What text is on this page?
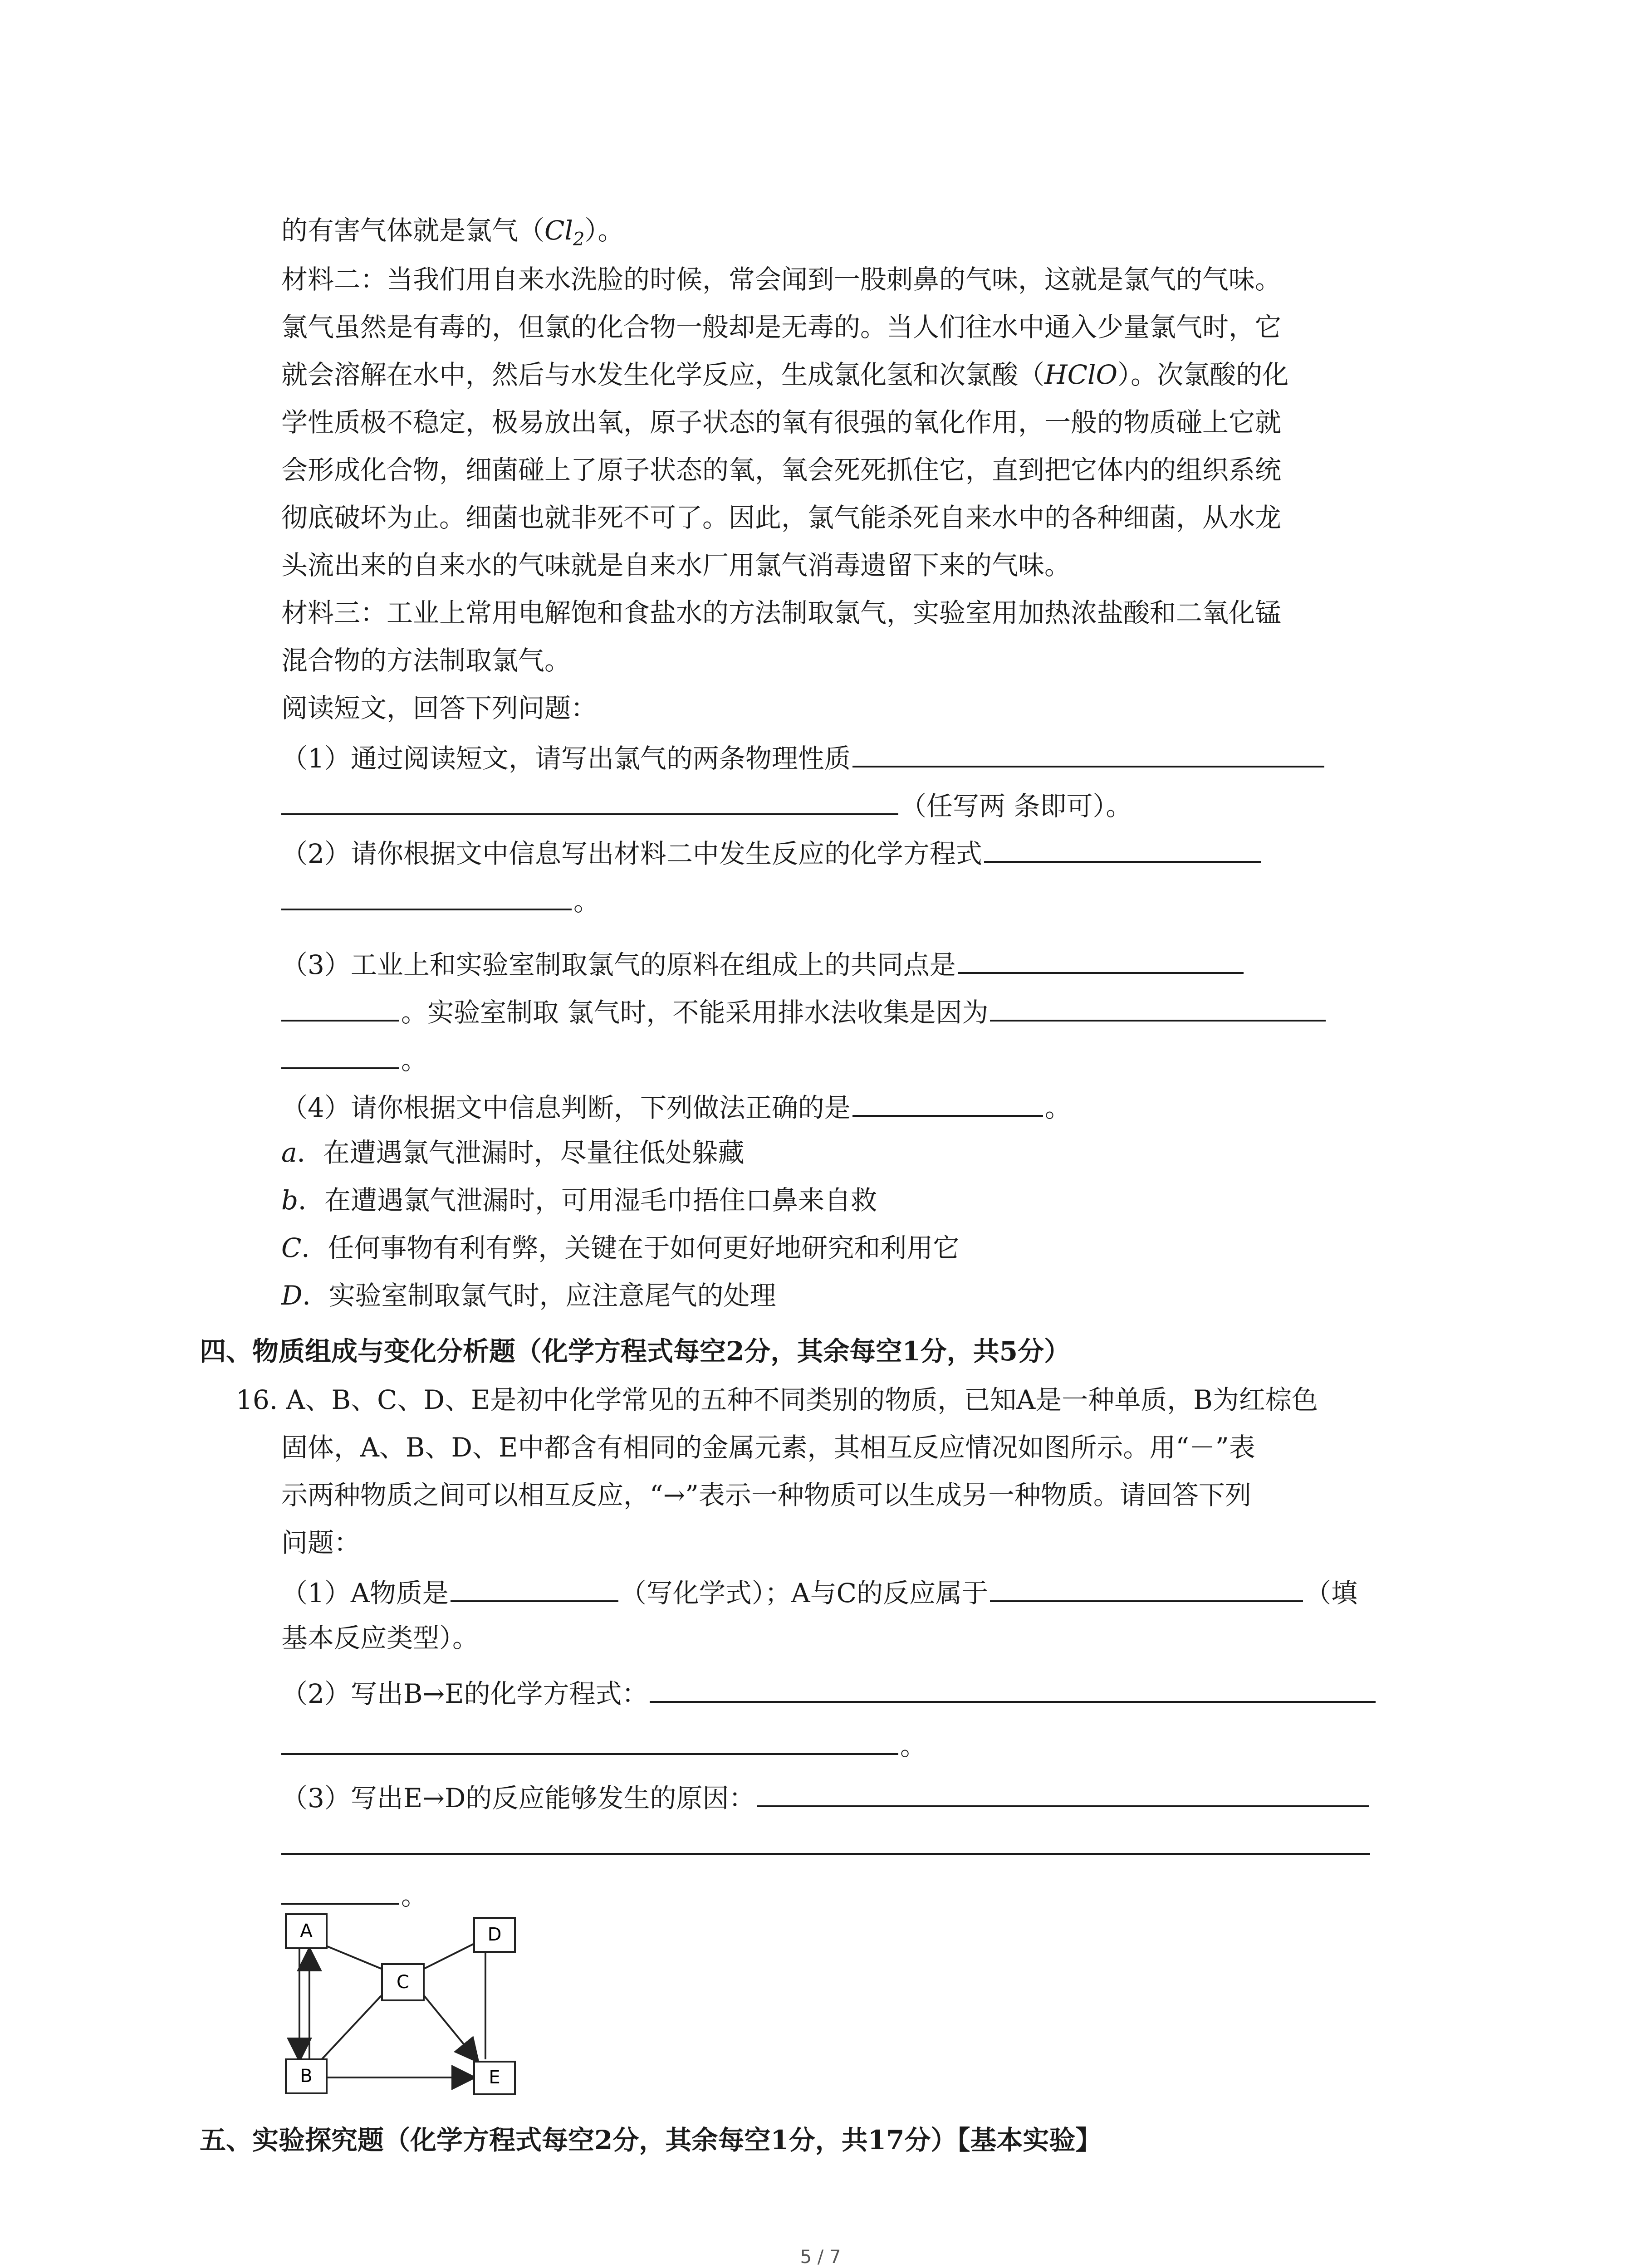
的有害气体就是氯气$(Cl_2)$。
材料二：当我们用自来水洗脸的时候，常会闻到一股刺鼻的气味，这就是氯气的气味。
氯气虽然是有毒的，但氯的化合物一般却是无毒的。当人们往水中通入少量氯气时，它
就会溶解在水中，然后与水发生化学反应，生成氯化氢和次氯酸（HClO）。次氯酸的化
学性质极不稳定，极易放出氧，原子状态的氧有很强的氧化作用，一般的物质碰上它就
会形成化合物，细菌碰上了原子状态的氧，氧会死死抓住它，直到把它体内的组织系统
彻底破坏为止。细菌也就非死不可了。因此，氯气能杀死自来水中的各种细菌，从水龙
头流出来的自来水的气味就是自来水厂用氯气消毒遗留下来的气味。
材料三：工业上常用电解饱和食盐水的方法制取氯气，实验室用加热浓盐酸和二氧化锰
混合物的方法制取氯气。
阅读短文，回答下列问题：
（1）通过阅读短文，请写出氯气的两条物理性质
（任写两 条即可）。
（2）请你根据文中信息写出材料二中发生反应的化学方程式
。
（3）工业上和实验室制取氯气的原料在组成上的共同点是
。实验室制取 氯气时，不能采用排水法收集是因为
。
（4）请你根据文中信息判断，下列做法正确的是	。
a．在遭遇氯气泄漏时，尽量往低处躲藏
b．在遭遇氯气泄漏时，可用湿毛巾捂住口鼻来自救
C．任何事物有利有弊，关键在于如何更好地研究和利用它
D．实验室制取氯气时，应注意尾气的处理
四、物质组成与变化分析题（化学方程式每空2分，其余每空1分，共5分）
16. A、B、C、D、E是初中化学常见的五种不同类别的物质，已知A是一种单质，B为红棕色
固体，A、B、D、E中都含有相同的金属元素，其相互反应情况如图所示。用“－”表
示两种物质之间可以相互反应，“→”表示一种物质可以生成另一种物质。请回答下列
问题：
（1）A物质是	（写化学式）；A与C的反应属于	（填
基本反应类型）。
（2）写出B→E的化学方程式：
。
（3）写出E→D的反应能够发生的原因：
。
A	D
C
B	E
五、实验探究题（化学方程式每空2分，其余每空1分，共17分）【基本实验】
5 / 7
